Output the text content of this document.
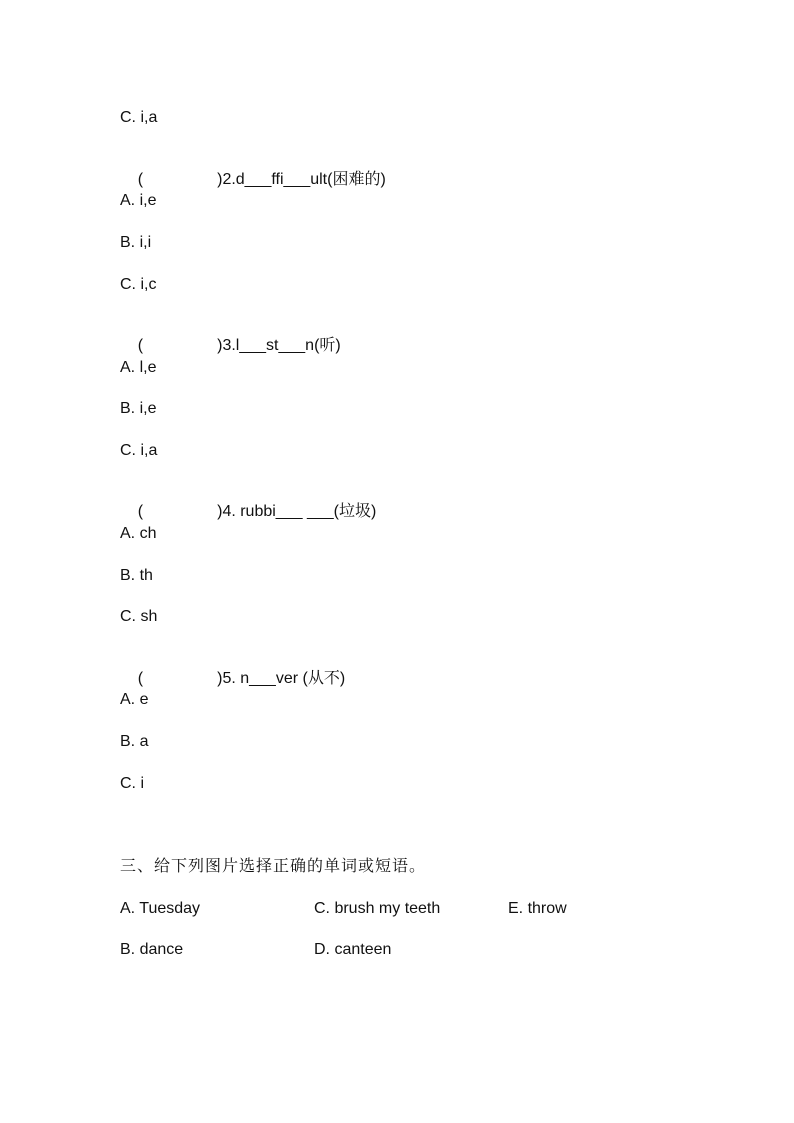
C. i,a

(	)2.d___ffi___ult(困难的)

A. i,e
B. i,i
C. i,c

(	)3.l___st___n(听)

A. l,e
B. i,e
C. i,a

(	)4. rubbi___ ___(垃圾)

A. ch
B. th
C. sh

(	)5. n___ver (从不)

A. e
B. a
C. i
三、给下列图片选择正确的单词或短语。
A. Tuesday	C. brush my teeth	E. throw
B. dance	D. canteen
